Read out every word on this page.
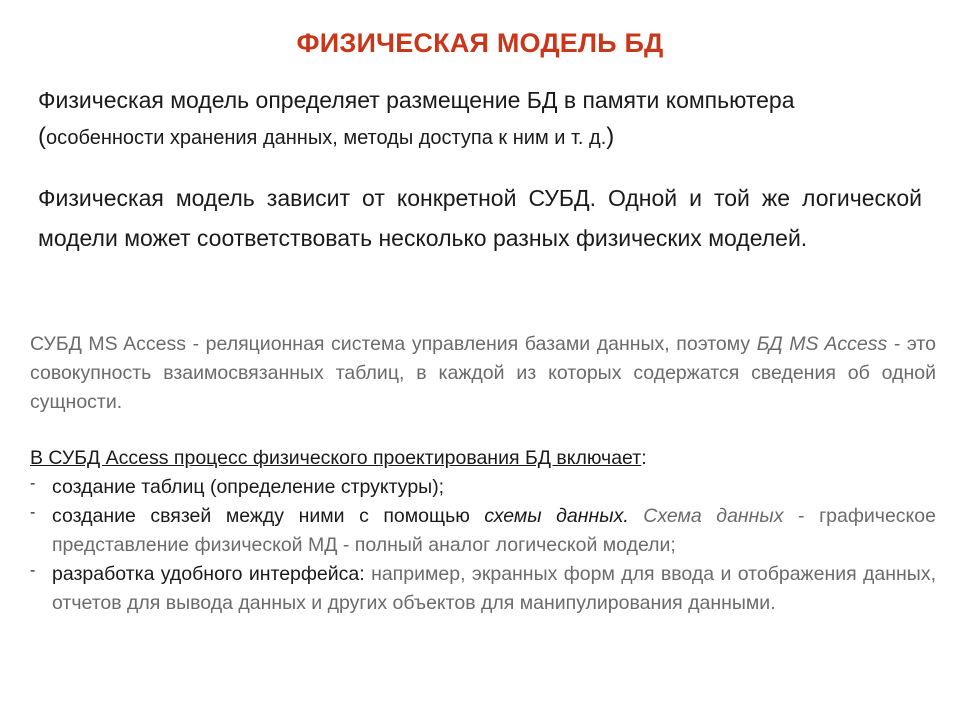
ФИЗИЧЕСКАЯ МОДЕЛЬ БД
Физическая модель определяет размещение БД в памяти компьютера
(особенности хранения данных, методы доступа к ним и т. д.)
Физическая модель зависит от конкретной СУБД. Одной и той же логической модели может соответствовать несколько разных физических моделей.
СУБД MS Access - реляционная система управления базами данных, поэтому БД MS Access - это совокупность взаимосвязанных таблиц, в каждой из которых содержатся сведения об одной сущности.
В СУБД Access процесс физического проектирования БД включает:
- создание таблиц (определение структуры);
- создание связей между ними с помощью схемы данных. Схема данных - графическое представление физической МД - полный аналог логической модели;
- разработка удобного интерфейса: например, экранных форм для ввода и отображения данных, отчетов для вывода данных и других объектов для манипулирования данными.
